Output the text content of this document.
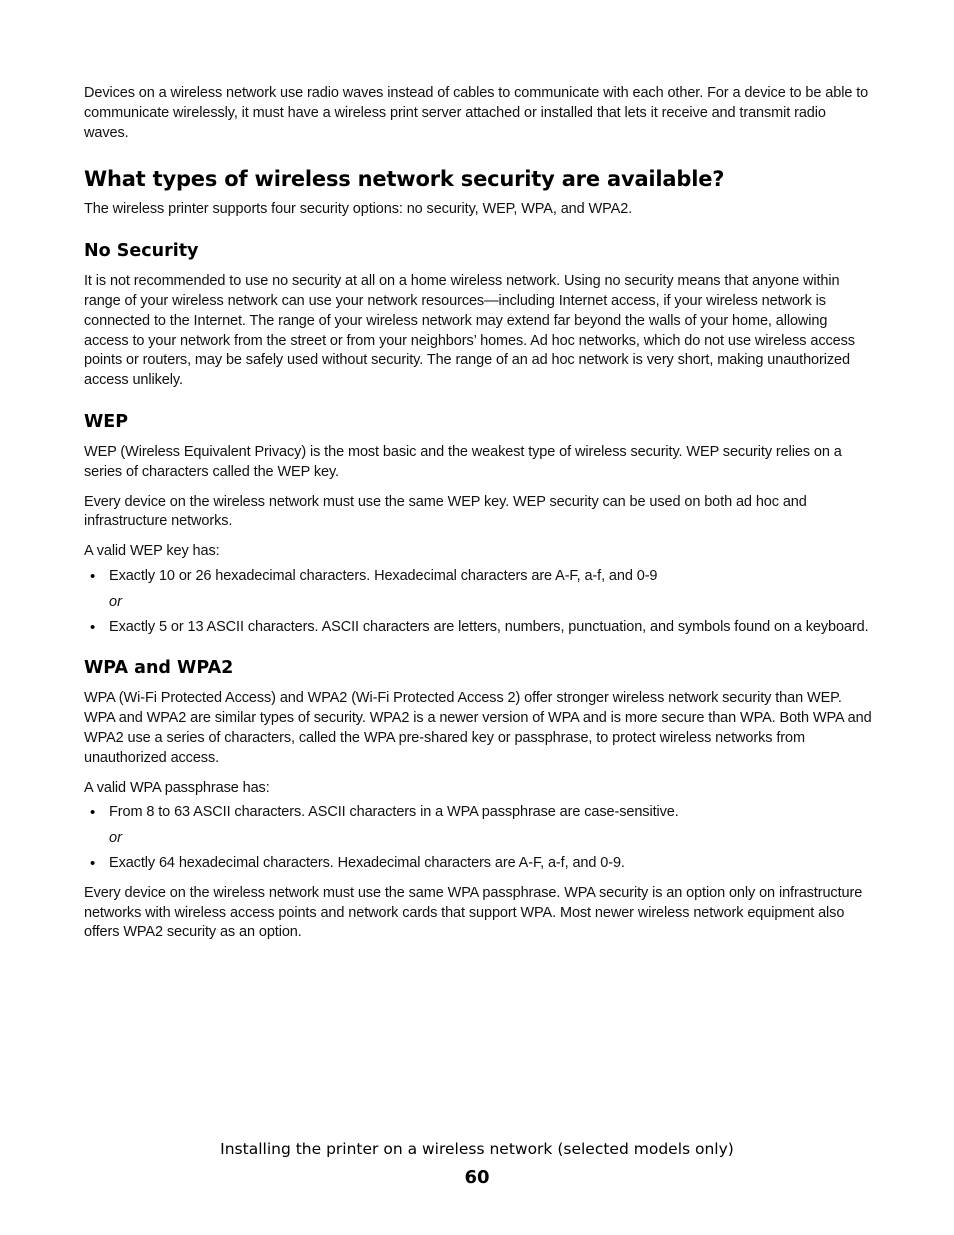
Devices on a wireless network use radio waves instead of cables to communicate with each other. For a device to be able to communicate wirelessly, it must have a wireless print server attached or installed that lets it receive and transmit radio waves.

What types of wireless network security are available?

The wireless printer supports four security options: no security, WEP, WPA, and WPA2.

No Security

It is not recommended to use no security at all on a home wireless network. Using no security means that anyone within range of your wireless network can use your network resources—including Internet access, if your wireless network is connected to the Internet. The range of your wireless network may extend far beyond the walls of your home, allowing access to your network from the street or from your neighbors’ homes. Ad hoc networks, which do not use wireless access points or routers, may be safely used without security. The range of an ad hoc network is very short, making unauthorized access unlikely.

WEP

WEP (Wireless Equivalent Privacy) is the most basic and the weakest type of wireless security. WEP security relies on a series of characters called the WEP key.

Every device on the wireless network must use the same WEP key. WEP security can be used on both ad hoc and infrastructure networks.

A valid WEP key has:

• Exactly 10 or 26 hexadecimal characters. Hexadecimal characters are A-F, a-f, and 0-9
or
• Exactly 5 or 13 ASCII characters. ASCII characters are letters, numbers, punctuation, and symbols found on a keyboard.
WPA and WPA2

WPA (Wi-Fi Protected Access) and WPA2 (Wi-Fi Protected Access 2) offer stronger wireless network security than WEP. WPA and WPA2 are similar types of security. WPA2 is a newer version of WPA and is more secure than WPA. Both WPA and WPA2 use a series of characters, called the WPA pre-shared key or passphrase, to protect wireless networks from unauthorized access.

A valid WPA passphrase has:

• From 8 to 63 ASCII characters. ASCII characters in a WPA passphrase are case-sensitive.
or
• Exactly 64 hexadecimal characters. Hexadecimal characters are A-F, a-f, and 0-9.

Every device on the wireless network must use the same WPA passphrase. WPA security is an option only on infrastructure networks with wireless access points and network cards that support WPA. Most newer wireless network equipment also offers WPA2 security as an option.

Installing the printer on a wireless network (selected models only)
60
